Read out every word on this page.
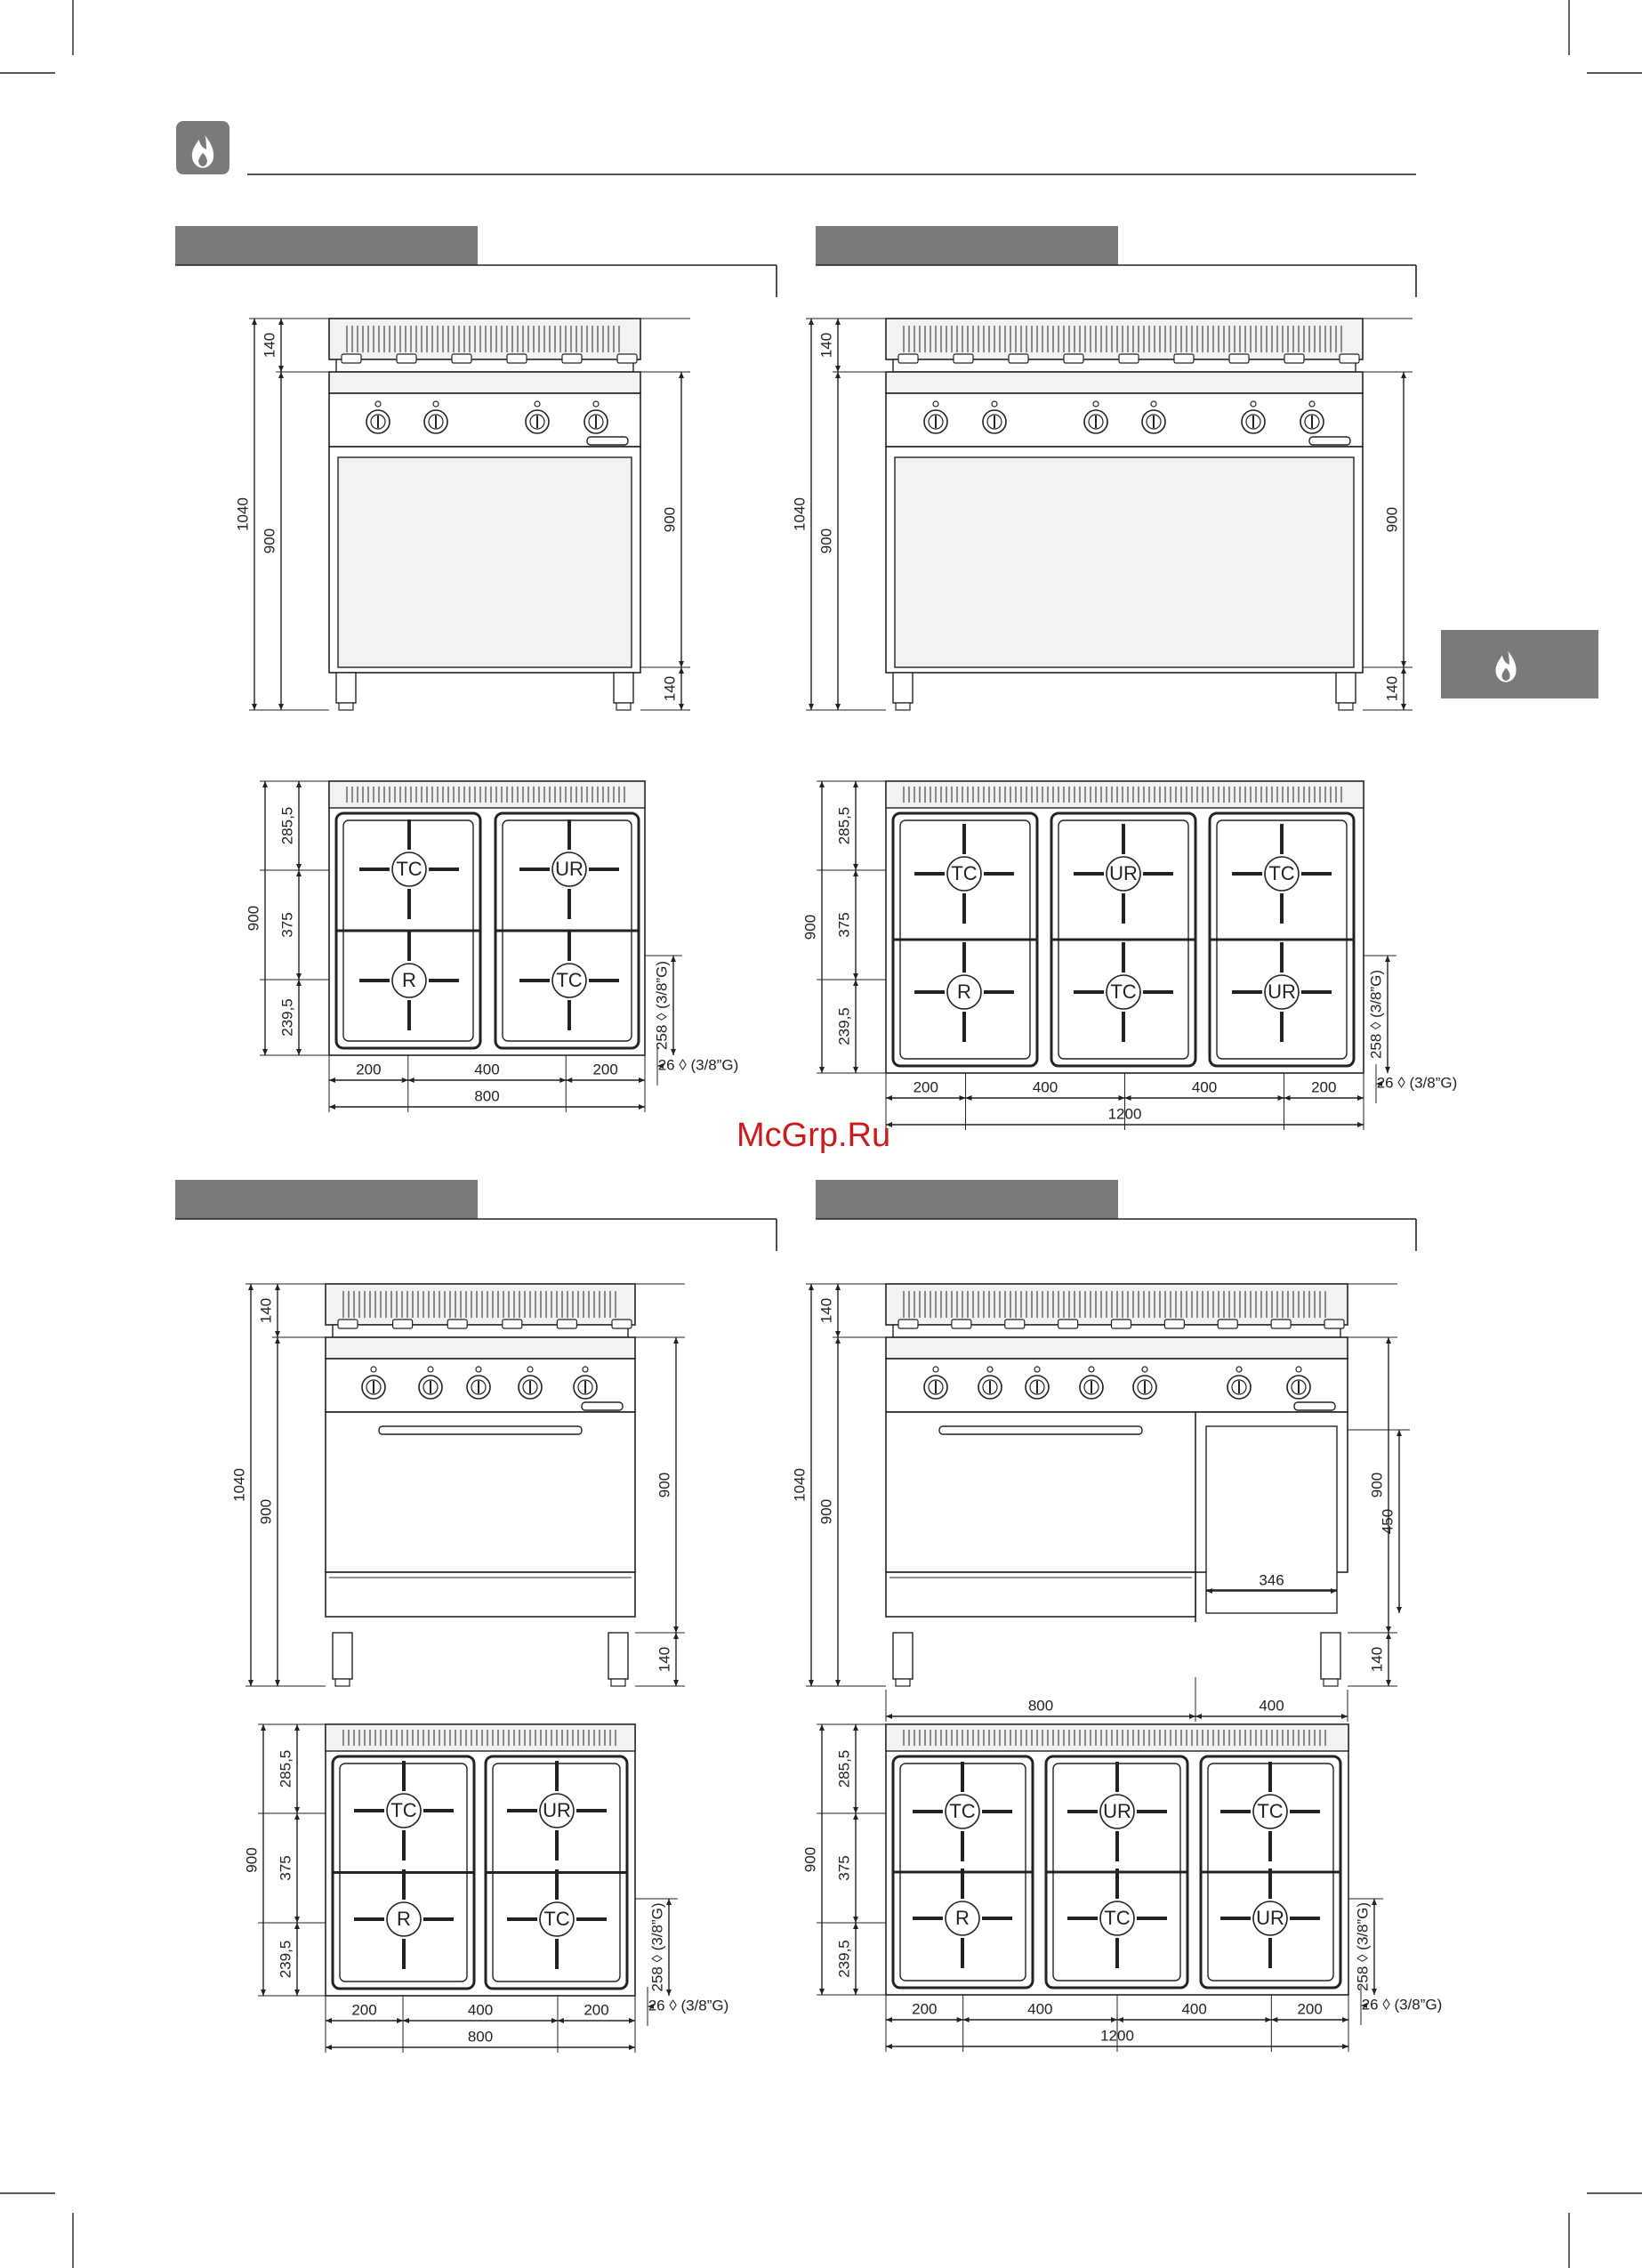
1040
140
900
900
140
TC	UR
R	TC
900
285,5
375
239,5	258 ◊ (3/8”G)
200	400	200
800
26 ◊ (3/8”G)
1040
140
900
900
140
TC	UR	TC
R	TC	UR
900
285,5
375
239,5	258 ◊ (3/8”G)
200	400	400	200
1200
26 ◊ (3/8”G)
1040
140
900
900
140
TC	UR
R	TC
900
285,5
375
239,5	258 ◊ (3/8”G)
200	400	200
800
26 ◊ (3/8”G)
1040
140
900
900
140
450
346
800	400
TC	UR	TC
R	TC	UR
900
285,5
375
239,5	258 ◊ (3/8”G)
200	400	400	200
1200
26 ◊ (3/8”G)
McGrp.Ru
